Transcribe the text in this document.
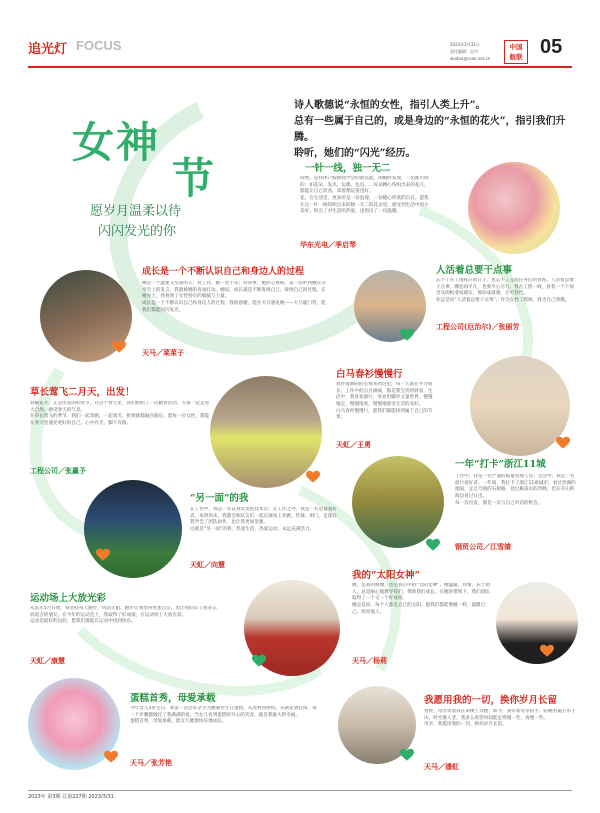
追光灯 FOCUS	2023年3月31日
责任编辑：吴丹
wudan@csair.net.cn
中国
航联 05
女神
节
愿岁月温柔以待
闪闪发光的你
诗人歌德说“永恒的女性，指引人类上升”。
总有一些属于自己的，或是身边的“永恒的花火”，指引我们升腾。
聆听，她们的“闪光”经历。
一针一线，独一无二
拘然，是我体产假期间学会的新技能。闲暇时发现，一切都可拘的：如花朵、发夹、玩偶、包包……每朵精心钩织出来的花儿，都能让自己欣喜，拿着想玩耍也好。
花，在生活里，更多的是一份浪漫，一份随心所欲的自在。愿我在这一针一线钩织出来的独一无二的花朵里，感受到生活中的小美好。拘出了对生活的热爱，也拘出了一份温暖。
华东光电／季启琴
成长是一个不断认识自己和身边人的过程
她是一个温柔又坚韧的人：对工作，她一丝不苟；对同事，她热心体贴。第一次听到她在分享会上的发言，我就被她的真诚打动。她说，成长就是不断发现自己、接纳自己的过程。在她身上，我看到了女性特有的细腻与力量。
成长是一个不断认识自己和身边人的过程，我很感谢，能在天马遇见她——天马厦门营，愿我们都能闪闪发光。
天马／菜菜子
人活着总要干点事
忘不了在工地挥汗的日子，也忘不了完成任务后的喜悦。人活着总要干点事，哪怕再平凡，也要尽心尽力。我在工程一线，看着一个个项目从图纸变成现实，那份成就感，无可替代。
你总是说“人活着总要干点事”，作为女性工程师，我为自己骄傲。
工程公司(厄治尔)／张丽芳
草长莺飞二月天，出发！
春暖花开，正是出发的好时节。在这个春天里，我们组织了一次踏青活动，大家一起走进大自然，感受春天的气息。
在草长莺飞的季节，我们一起奔跑、一起欢笑，把烦恼都抛在脑后。愿每一位女性，都能在春天里遇见更好的自己，心中有光，脚下有路。
工程公司／张赢予
白马春衫慢慢行
我怀着期盼的心情来到这里，每一天都在学习成长。工作中的点点滴滴，都是我宝贵的财富。生活中，我喜欢旅行，喜欢用脚步丈量世界。慢慢地走，慢慢地看，慢慢地感受生活的美好。
白马春衫慢慢行，愿我们都能找到属于自己的节奏。
天虹／王勇
一年“打卡”浙江11城
工作中，我是一名严谨的质量管理人员；生活中，我是一名旅行爱好者。一年间，我打卡了浙江11座城市，看过西湖的烟雨，走过乌镇的石板路，登过雁荡山的奇峰，也在舟山的海边看过日出。
每一次出发，都是一次与自己对话的机会。
钢贸公司／江雪婧
“另一面”的我
在工作中，我是一名认真负责的技术员；在工作之外，我是一名足球爱好者。每到周末，我都会和队友们一起在球场上奔跑、传球、射门。足球让我学会了团队协作，也让我更加坚强。
这就是“另一面”的我，热爱生活，热爱运动，永远充满活力。
天虹／向慧
运动场上大放光彩
从去年5月开始，我坚持每天跑步，风雨无阻。跑步让我变得更加自信，也让我结识了很多志同道合的朋友。在今年的运动会上，我取得了好成绩，在运动场上大放光彩。
运动是最好的良药，愿我们都能在运动中找到快乐。
天虹／康慧
我的“太阳女神”
她，是我的师傅，也是我心中的“太阳女神”。她温暖、热情、乐于助人，总是耐心地教导我们，帮助我们成长。在她的带领下，我们团队取得了一个又一个好成绩。
她总是说，每个人都是自己的太阳。愿我们都能像她一样，温暖自己，照亮他人。
天马／杨莉
蛋糕首秀，母爱承载
今年女儿3岁生日，我第一次尝试亲手为她制作生日蛋糕。从选材到烘焙，从裱花到装饰，每一个步骤都倾注了我满满的爱。当女儿看到蛋糕时开心的笑容，就是我最大的幸福。
蛋糕首秀，母爱承载，愿女儿健康快乐地成长。
天马／张芳艳
我愿用我的一切，换你岁月长留
曾经，母亲带着我在田埂上奔跑；如今，我牵着母亲的手，陪她看遍万水千山。时光催人老，我多么希望时间能走得慢一些，再慢一些。
母亲，我愿用我的一切，换你岁月长留。
天马／潘虹
2023年 第3期 总第227期 2023/3/31
